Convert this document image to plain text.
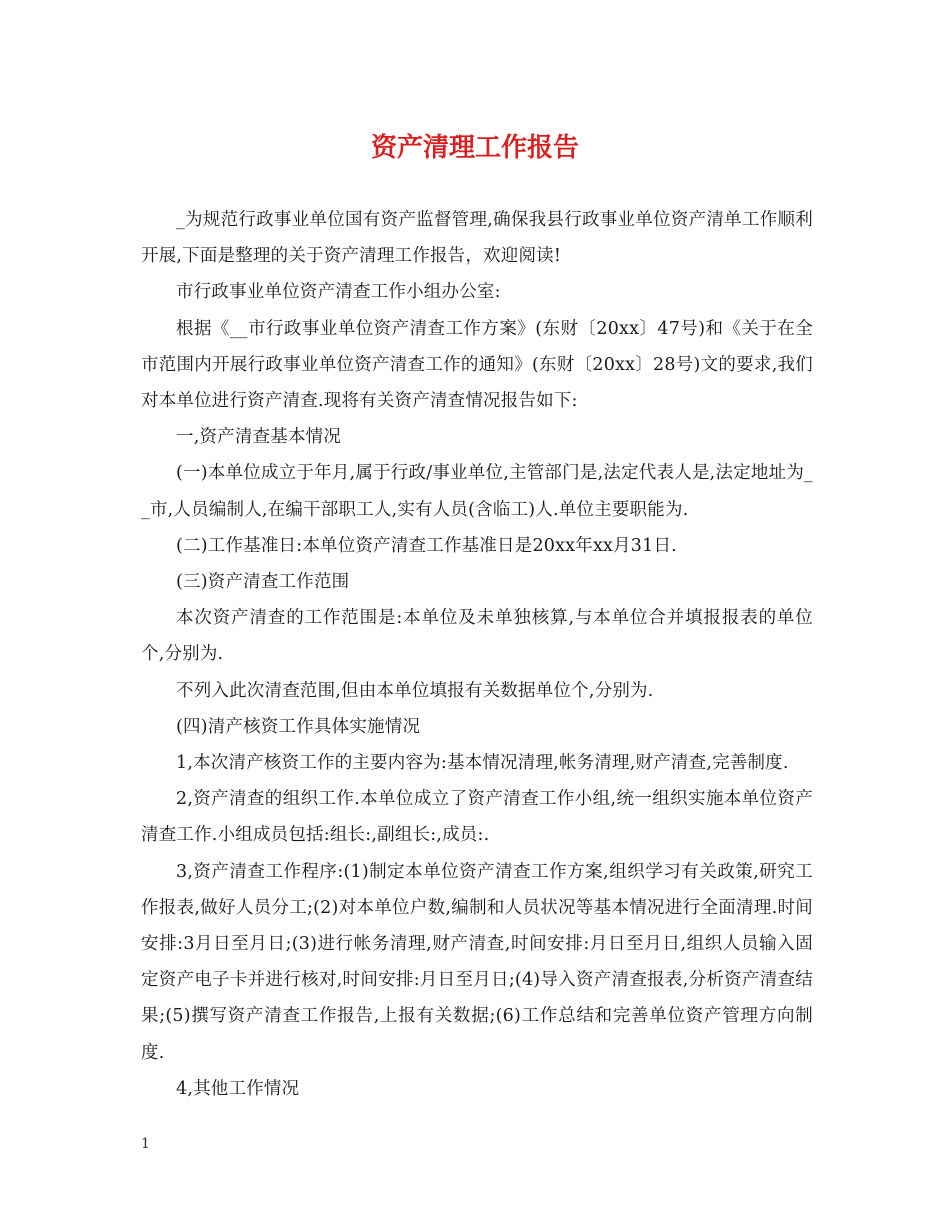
资产清理工作报告

_为规范行政事业单位国有资产监督管理,确保我县行政事业单位资产清单工作顺利开展,下面是整理的关于资产清理工作报告，欢迎阅读!

市行政事业单位资产清查工作小组办公室:

根据《__市行政事业单位资产清查工作方案》(东财〔20xx〕47号)和《关于在全市范围内开展行政事业单位资产清查工作的通知》(东财〔20xx〕28号)文的要求,我们对本单位进行资产清查.现将有关资产清查情况报告如下:

一,资产清查基本情况

(一)本单位成立于年月,属于行政/事业单位,主管部门是,法定代表人是,法定地址为__市,人员编制人,在编干部职工人,实有人员(含临工)人.单位主要职能为.

(二)工作基准日:本单位资产清查工作基准日是20xx年xx月31日.

(三)资产清查工作范围

本次资产清查的工作范围是:本单位及未单独核算,与本单位合并填报报表的单位个,分别为.

不列入此次清查范围,但由本单位填报有关数据单位个,分别为.

(四)清产核资工作具体实施情况

1,本次清产核资工作的主要内容为:基本情况清理,帐务清理,财产清查,完善制度.

2,资产清查的组织工作.本单位成立了资产清查工作小组,统一组织实施本单位资产清查工作.小组成员包括:组长:,副组长:,成员:.

3,资产清查工作程序:(1)制定本单位资产清查工作方案,组织学习有关政策,研究工作报表,做好人员分工;(2)对本单位户数,编制和人员状况等基本情况进行全面清理.时间安排:3月日至月日;(3)进行帐务清理,财产清查,时间安排:月日至月日,组织人员输入固定资产电子卡并进行核对,时间安排:月日至月日;(4)导入资产清查报表,分析资产清查结果;(5)撰写资产清查工作报告,上报有关数据;(6)工作总结和完善单位资产管理方向制度.

4,其他工作情况

1
